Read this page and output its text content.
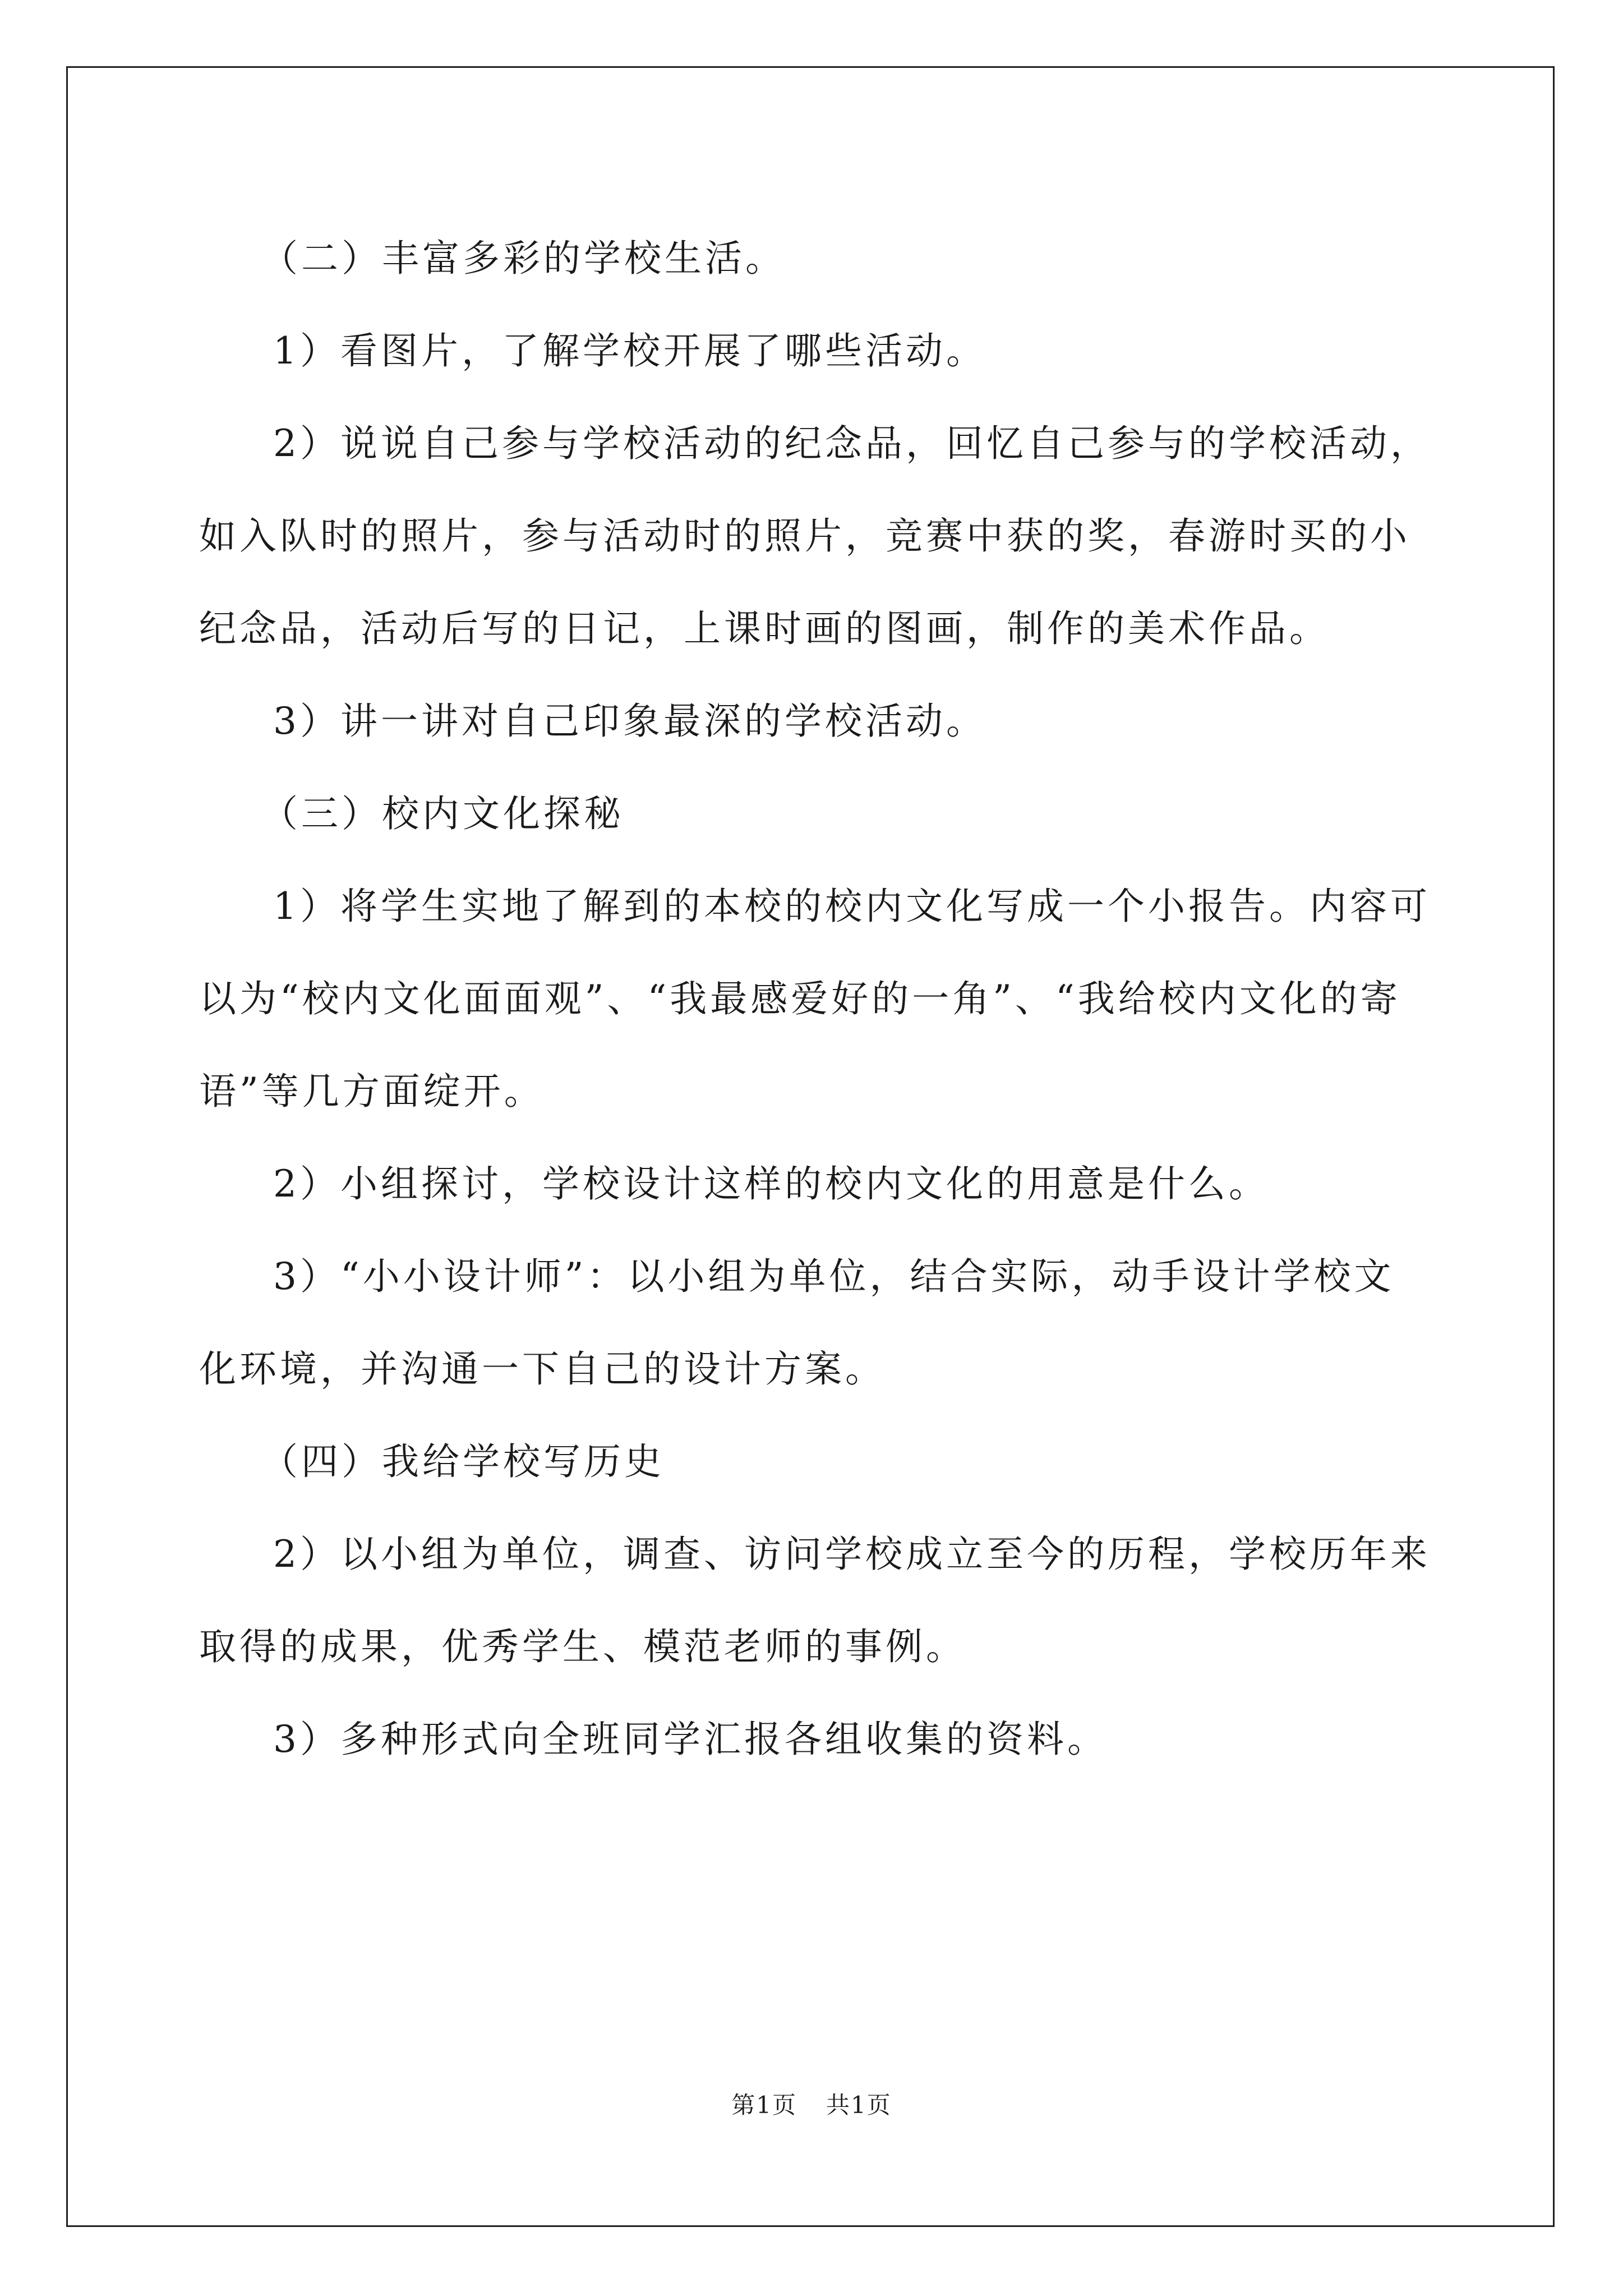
（二）丰富多彩的学校生活。

1）看图片，了解学校开展了哪些活动。

2）说说自己参与学校活动的纪念品，回忆自己参与的学校活动，如入队时的照片，参与活动时的照片，竞赛中获的奖，春游时买的小纪念品，活动后写的日记，上课时画的图画，制作的美术作品。

3）讲一讲对自己印象最深的学校活动。

（三）校内文化探秘

1）将学生实地了解到的本校的校内文化写成一个小报告。内容可以为“校内文化面面观”、“我最感爱好的一角”、“我给校内文化的寄语”等几方面绽开。

2）小组探讨，学校设计这样的校内文化的用意是什么。

3）“小小设计师”：以小组为单位，结合实际，动手设计学校文化环境，并沟通一下自己的设计方案。

（四）我给学校写历史

2）以小组为单位，调查、访问学校成立至今的历程，学校历年来取得的成果，优秀学生、模范老师的事例。

3）多种形式向全班同学汇报各组收集的资料。

第1页 共1页
